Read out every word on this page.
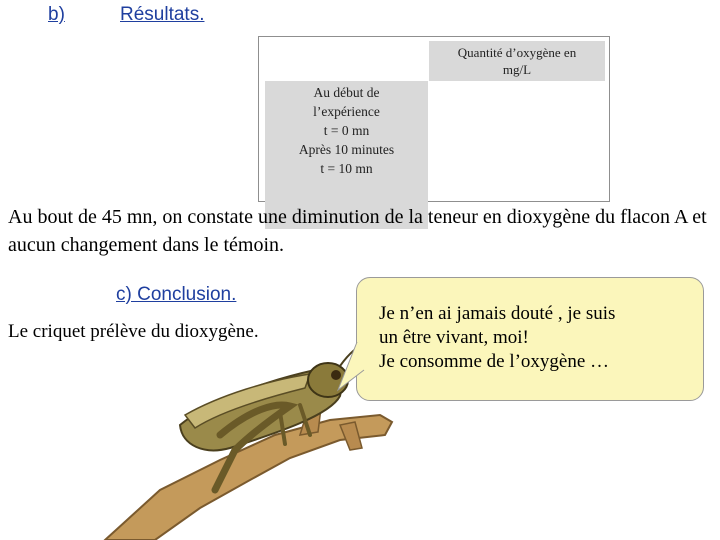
b)	Résultats.
Quantité d’oxygène en
mg/L
Au début de
l’expérience
t = 0 mn
Après 10 minutes
t = 10 mn
Au bout de 45 mn, on constate une diminution de la teneur en dioxygène du flacon A et aucun changement dans le témoin.
c) Conclusion.
Le criquet prélève du dioxygène.
Je n’en ai jamais douté , je suis
un être vivant, moi!
Je consomme de l’oxygène …
